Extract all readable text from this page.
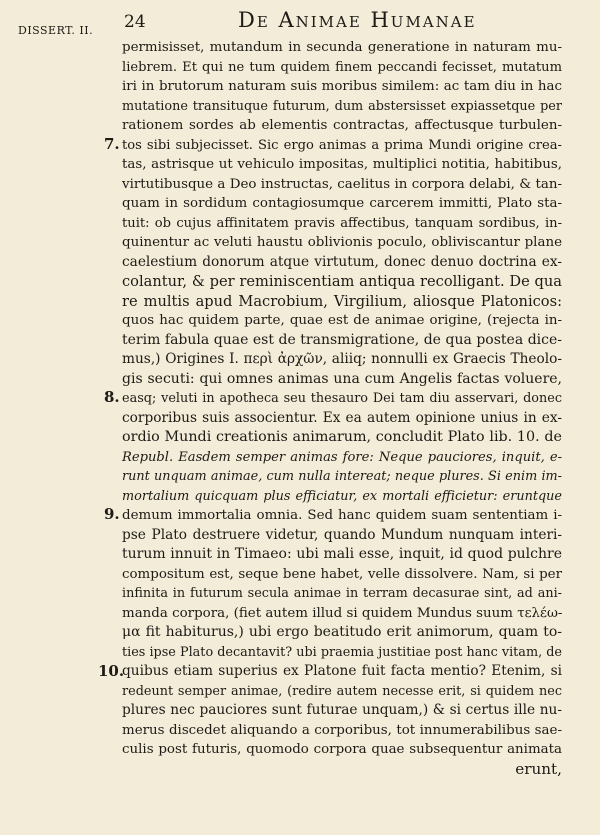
DISSERT. II. 24	De Animae Humanae
7.
8.
9.
10.
permisisset, mutandum in secunda generatione in naturam mu-
liebrem. Et qui ne tum quidem finem peccandi fecisset, mutatum
iri in brutorum naturam suis moribus similem: ac tam diu in hac
mutatione transituque futurum, dum abstersisset expiassetque per
rationem sordes ab elementis contractas, affectusque turbulen-
tos sibi subjecisset. Sic ergo animas a prima Mundi origine crea-
tas, astrisque ut vehiculo impositas, multiplici notitia, habitibus,
virtutibusque a Deo instructas, caelitus in corpora delabi, & tan-
quam in sordidum contagiosumque carcerem immitti, Plato sta-
tuit: ob cujus affinitatem pravis affectibus, tanquam sordibus, in-
quinentur ac veluti haustu oblivionis poculo, obliviscantur plane
caelestium donorum atque virtutum, donec denuo doctrina ex-
colantur, & per reminiscentiam antiqua recolligant. De qua
re multis apud Macrobium, Virgilium, aliosque Platonicos:
quos hac quidem parte, quae est de animae origine, (rejecta in-
terim fabula quae est de transmigratione, de qua postea dice-
mus,) Origines I. περὶ ἀρχῶν, aliiq; nonnulli ex Graecis Theolo-
gis secuti: qui omnes animas una cum Angelis factas voluere,
easq; veluti in apotheca seu thesauro Dei tam diu asservari, donec
corporibus suis associentur. Ex ea autem opinione unius in ex-
ordio Mundi creationis animarum, concludit Plato lib. 10. de
Republ. Easdem semper animas fore: Neque pauciores, inquit, e-
runt unquam animae, cum nulla intereat; neque plures. Si enim im-
mortalium quicquam plus efficiatur, ex mortali efficietur: eruntque
demum immortalia omnia. Sed hanc quidem suam sententiam i-
pse Plato destruere videtur, quando Mundum nunquam interi-
turum innuit in Timaeo: ubi mali esse, inquit, id quod pulchre
compositum est, seque bene habet, velle dissolvere. Nam, si per
infinita in futurum secula animae in terram decasurae sint, ad ani-
manda corpora, (fiet autem illud si quidem Mundus suum τελέω-
μα fit habiturus,) ubi ergo beatitudo erit animorum, quam to-
ties ipse Plato decantavit? ubi praemia justitiae post hanc vitam, de
quibus etiam superius ex Platone fuit facta mentio? Etenim, si
redeunt semper animae, (redire autem necesse erit, si quidem nec
plures nec pauciores sunt futurae unquam,) & si certus ille nu-
merus discedet aliquando a corporibus, tot innumerabilibus sae-
culis post futuris, quomodo corpora quae subsequentur animata
erunt,
